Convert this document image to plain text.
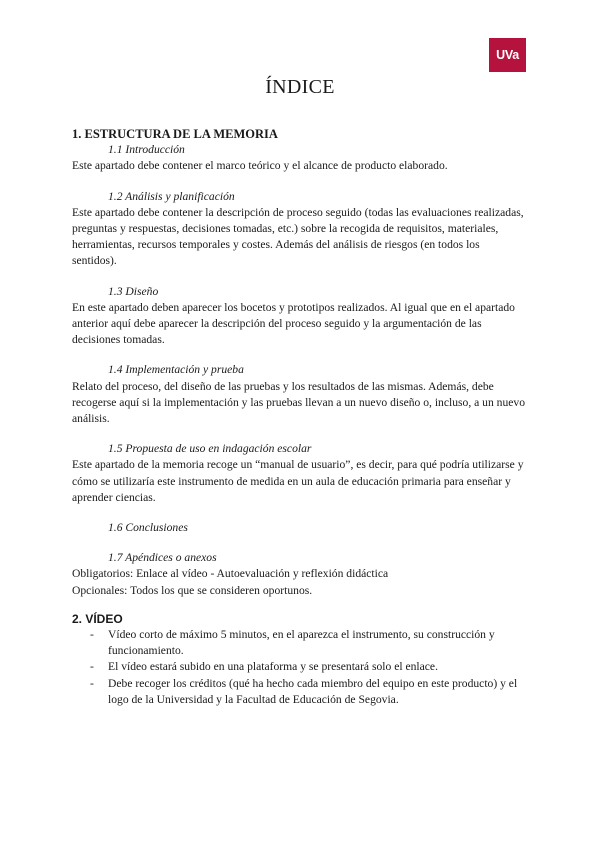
UVa
ÍNDICE

1. ESTRUCTURA DE LA MEMORIA

1.1 Introducción

Este apartado debe contener el marco teórico y el alcance de producto elaborado.

1.2 Análisis y planificación

Este apartado debe contener la descripción de proceso seguido (todas las evaluaciones realizadas, preguntas y respuestas, decisiones tomadas, etc.) sobre la recogida de requisitos, materiales, herramientas, recursos temporales y costes. Además del análisis de riesgos (en todos los sentidos).

1.3 Diseño

En este apartado deben aparecer los bocetos y prototipos realizados. Al igual que en el apartado anterior aquí debe aparecer la descripción del proceso seguido y la argumentación de las decisiones tomadas.

1.4 Implementación y prueba

Relato del proceso, del diseño de las pruebas y los resultados de las mismas. Además, debe recogerse aquí si la implementación y las pruebas llevan a un nuevo diseño o, incluso, a un nuevo análisis.

1.5 Propuesta de uso en indagación escolar

Este apartado de la memoria recoge un “manual de usuario”, es decir, para qué podría utilizarse y cómo se utilizaría este instrumento de medida en un aula de educación primaria para enseñar y aprender ciencias.

1.6 Conclusiones

1.7 Apéndices o anexos

Obligatorios: Enlace al vídeo - Autoevaluación y reflexión didáctica

Opcionales: Todos los que se consideren oportunos.

2. VÍDEO

- Vídeo corto de máximo 5 minutos, en el aparezca el instrumento, su construcción y funcionamiento.
- El vídeo estará subido en una plataforma y se presentará solo el enlace.
- Debe recoger los créditos (qué ha hecho cada miembro del equipo en este producto) y el logo de la Universidad y la Facultad de Educación de Segovia.
